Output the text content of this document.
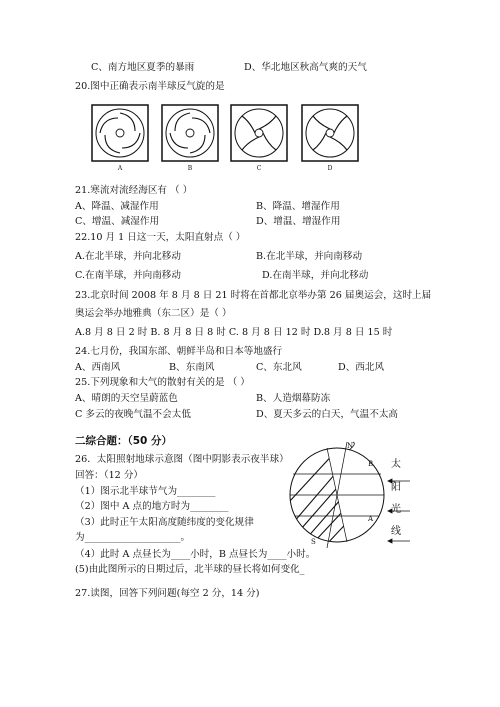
C、南方地区夏季的暴雨	D、华北地区秋高气爽的天气
20.图中正确表示南半球反气旋的是
A	B	C	D
21.寒流对流经海区有 （ ）
A、降温、减湿作用	B、降温、增湿作用
C、增温、减湿作用	D、增温、增湿作用
22.10 月 1 日这一天，太阳直射点（ ）
A.在北半球，并向北移动	B.在北半球，并向南移动
C.在南半球，并向南移动	D.在南半球，并向北移动
23.北京时间 2008 年 8 月 8 日 21 时将在首都北京举办第 26 届奥运会，这时上届
奥运会举办地雅典（东二区）是（ ）
A.8 月 8 日 2 时 B. 8 月 8 日 8 时 C. 8 月 8 日 12 时 D.8 月 8 日 15 时
24.七月份，我国东部、朝鲜半岛和日本等地盛行
A、西南风	B、东南风	C、东北风	D、西北风
25.下列现象和大气的散射有关的是 （ ）
A、晴朗的天空呈蔚蓝色	B、人造烟幕防冻
C 多云的夜晚气温不会太低	D、夏天多云的白天，气温不太高
二综合题：（50 分）
26．太阳照射地球示意图（图中阴影表示夜半球）
回答：（12 分）
（1）图示北半球节气为________
（2）图中 A 点的地方时为________
（3）此时正午太阳高度随纬度的变化规律
为____________________。
（4）此时 A 点昼长为____小时，B 点昼长为____小时。
(5)由此图所示的日期过后，北半球的昼长将如何变化_
N
B
A
S
太
阳
光
线
27.读图，回答下列问题(每空 2 分，14 分)
